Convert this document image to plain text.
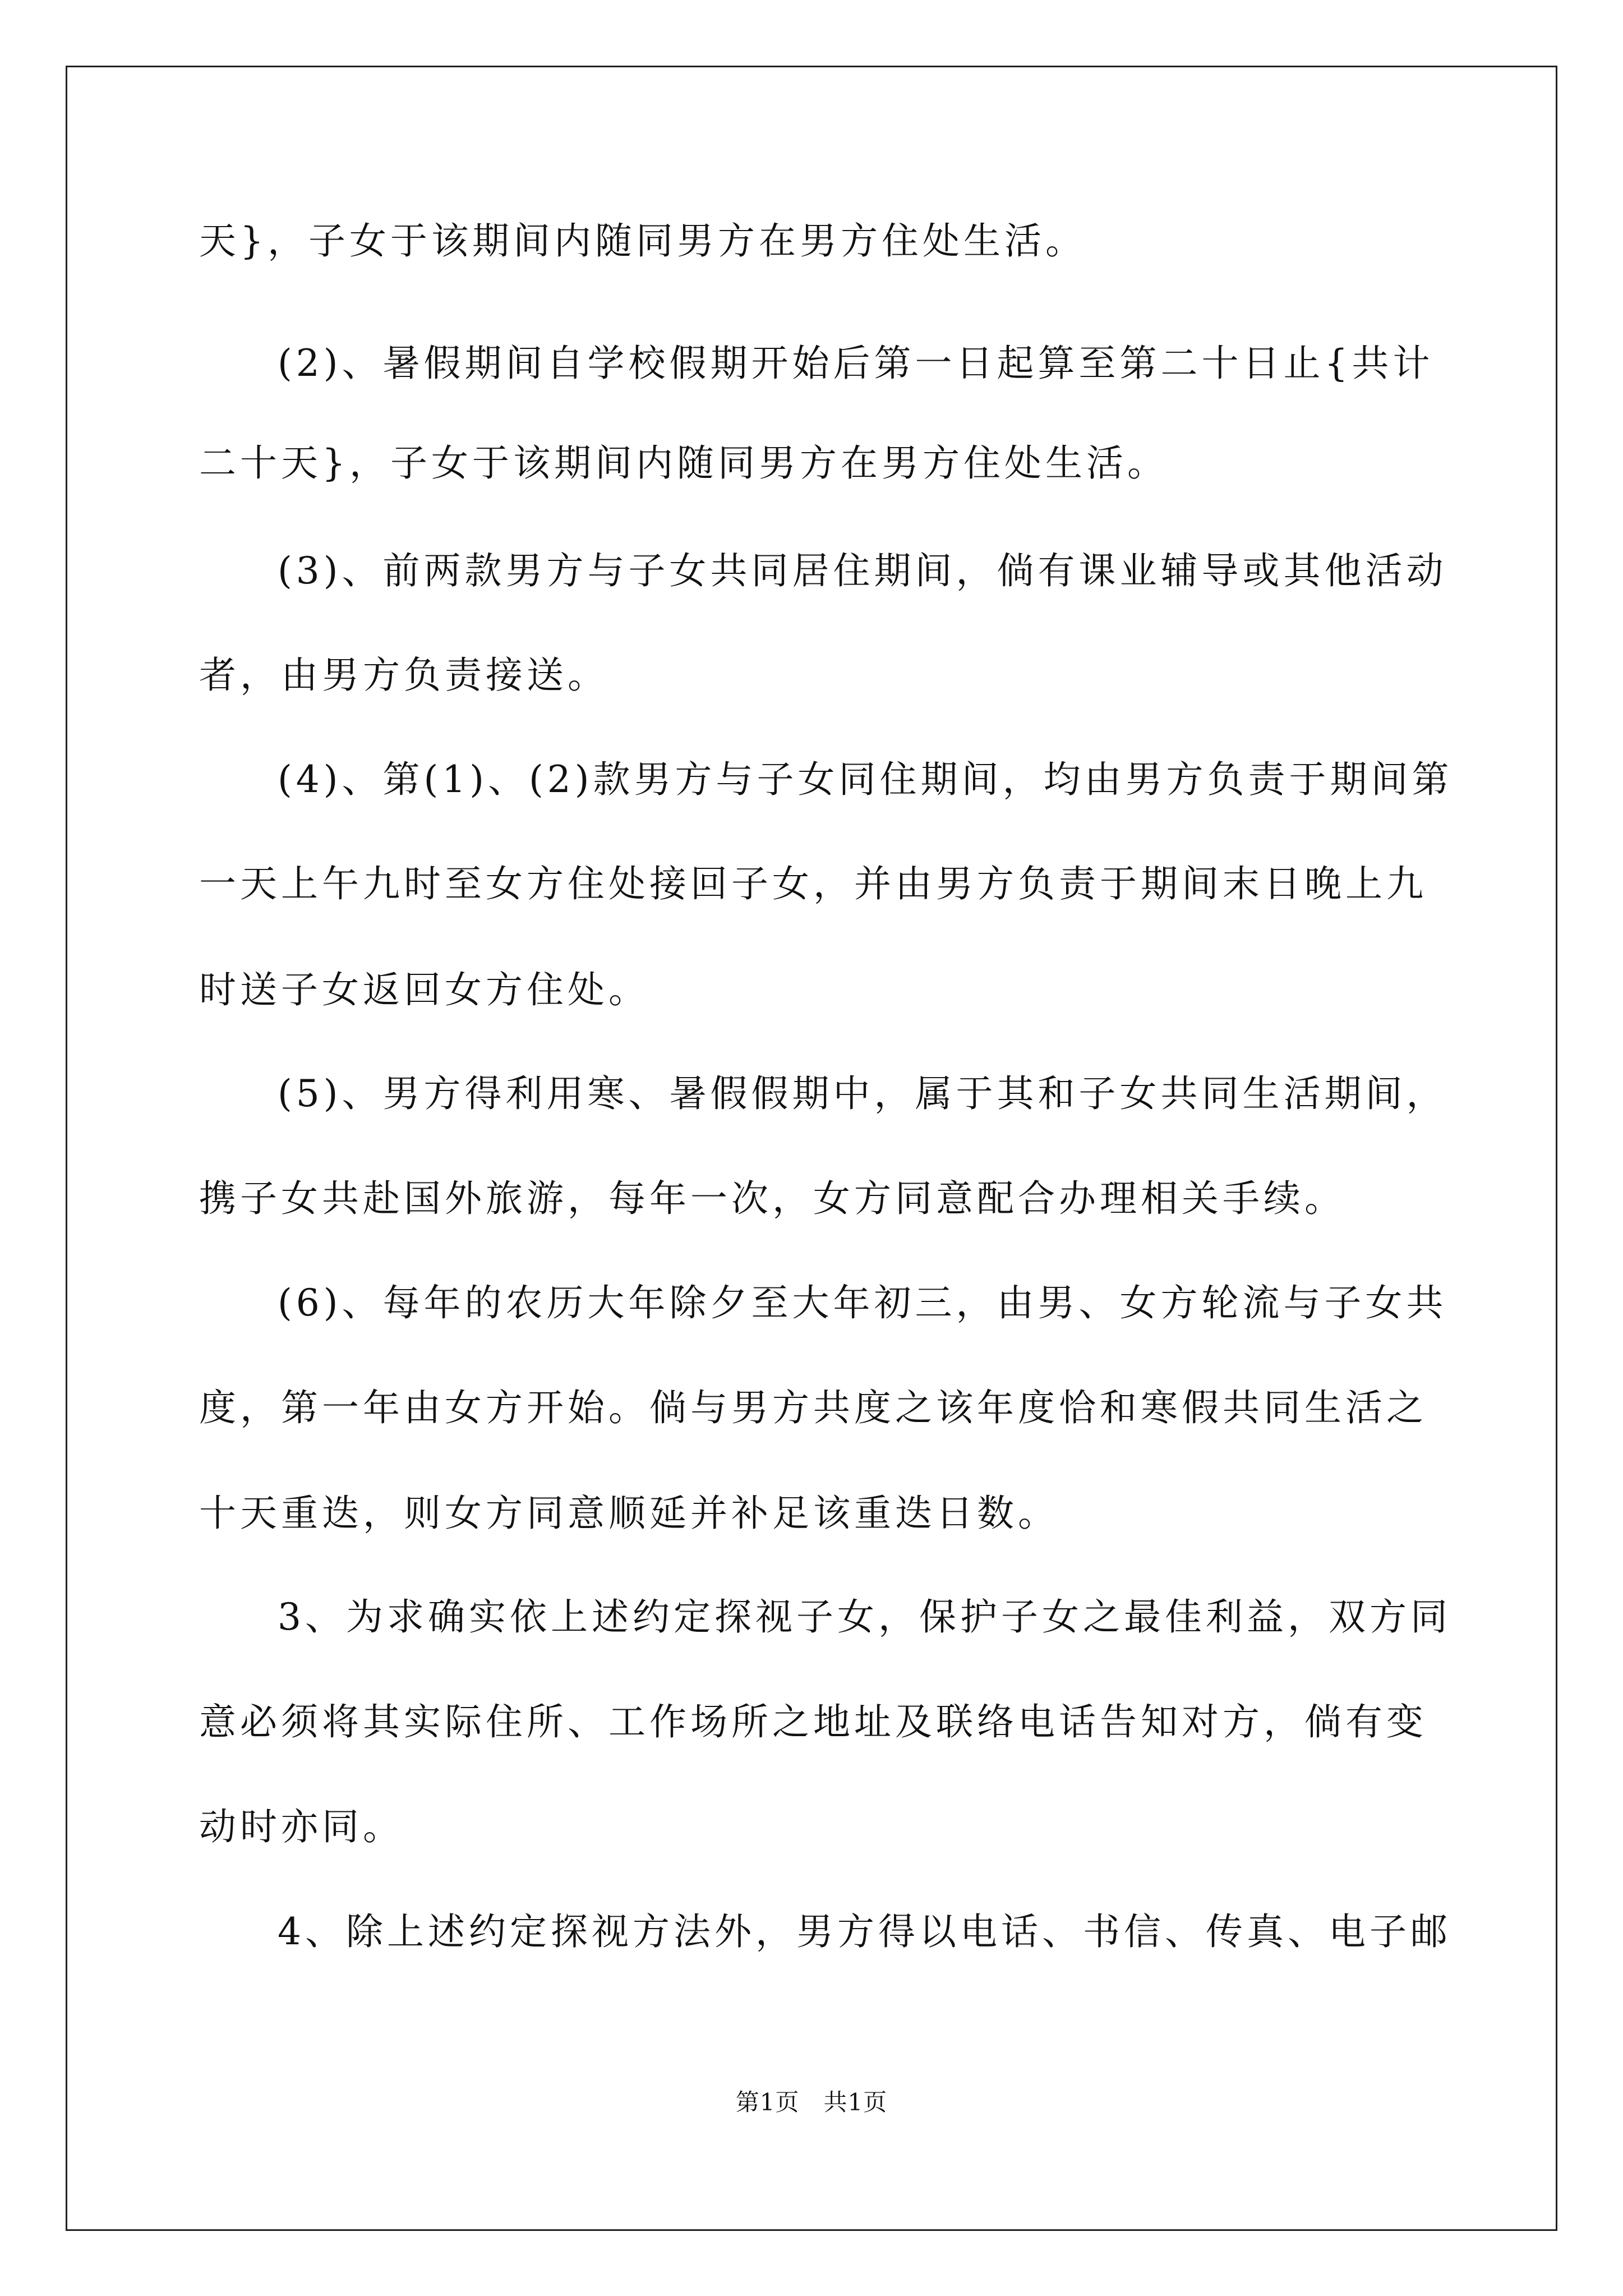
天}，子女于该期间内随同男方在男方住处生活。
(2)、暑假期间自学校假期开始后第一日起算至第二十日止{共计
二十天}，子女于该期间内随同男方在男方住处生活。
(3)、前两款男方与子女共同居住期间，倘有课业辅导或其他活动
者，由男方负责接送。
(4)、第(1)、(2)款男方与子女同住期间，均由男方负责于期间第
一天上午九时至女方住处接回子女，并由男方负责于期间末日晚上九
时送子女返回女方住处。
(5)、男方得利用寒、暑假假期中，属于其和子女共同生活期间，
携子女共赴国外旅游，每年一次，女方同意配合办理相关手续。
(6)、每年的农历大年除夕至大年初三，由男、女方轮流与子女共
度，第一年由女方开始。倘与男方共度之该年度恰和寒假共同生活之
十天重迭，则女方同意顺延并补足该重迭日数。
3、为求确实依上述约定探视子女，保护子女之最佳利益，双方同
意必须将其实际住所、工作场所之地址及联络电话告知对方，倘有变
动时亦同。
4、除上述约定探视方法外，男方得以电话、书信、传真、电子邮
第1页 共1页
